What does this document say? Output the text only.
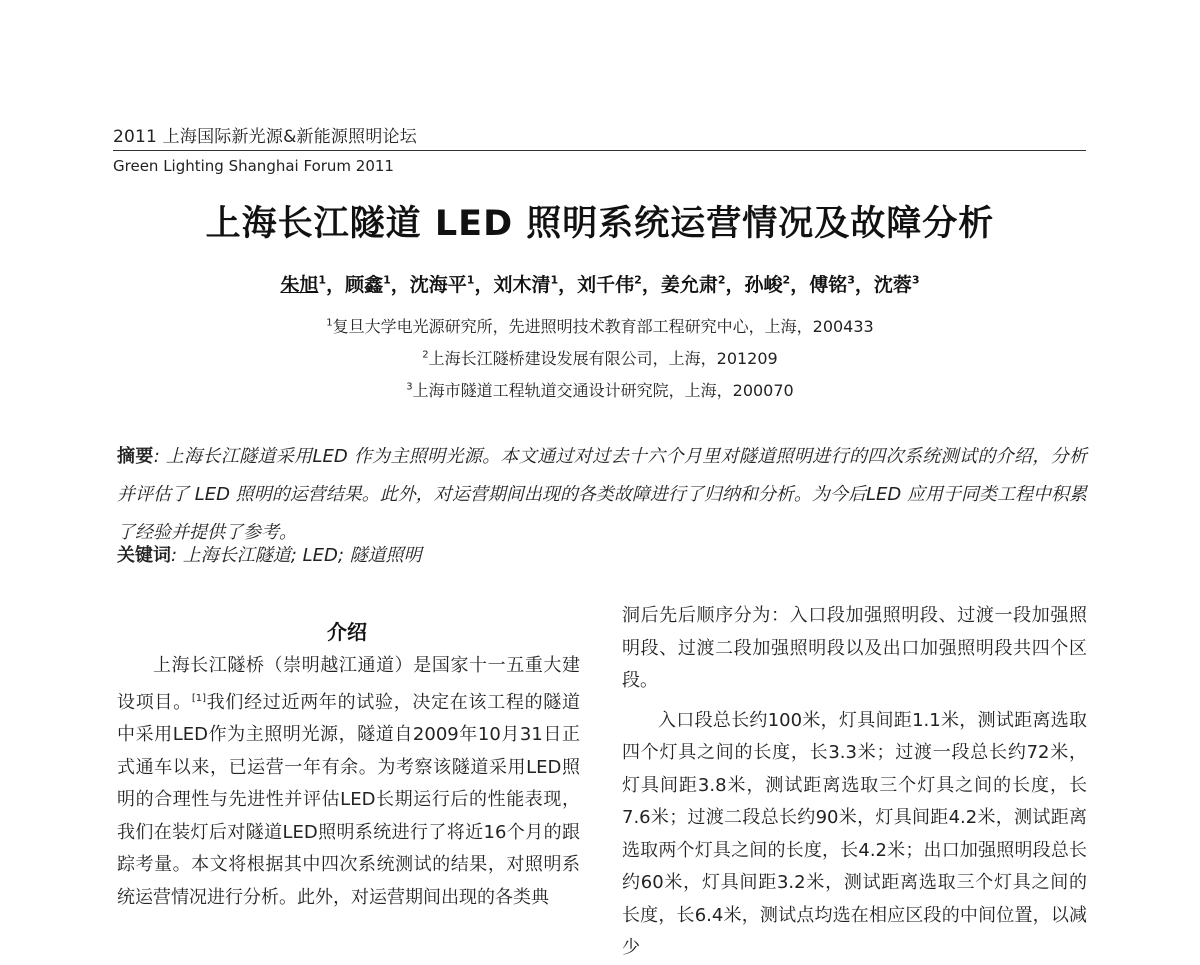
2011 上海国际新光源&新能源照明论坛
Green Lighting Shanghai Forum 2011
上海长江隧道 LED 照明系统运营情况及故障分析
朱旭$^1$，顾鑫$^1$，沈海平$^1$，刘木清$^1$，刘千伟$^2$，姜允肃$^2$，孙峻$^2$，傅铭$^3$，沈蓉$^3$
$^1$复旦大学电光源研究所，先进照明技术教育部工程研究中心，上海，200433
$^2$上海长江隧桥建设发展有限公司，上海，201209
$^3$上海市隧道工程轨道交通设计研究院，上海，200070
摘要: 上海长江隧道采用LED 作为主照明光源。本文通过对过去十六个月里对隧道照明进行的四次系统测试的介绍，分析并评估了 LED 照明的运营结果。此外，对运营期间出现的各类故障进行了归纳和分析。为今后LED 应用于同类工程中积累了经验并提供了参考。
关键词: 上海长江隧道; LED; 隧道照明
介绍

上海长江隧桥（崇明越江通道）是国家十一五重大建设项目。[1]我们经过近两年的试验，决定在该工程的隧道中采用LED作为主照明光源，隧道自2009年10月31日正式通车以来，已运营一年有余。为考察该隧道采用LED照明的合理性与先进性并评估LED长期运行后的性能表现，我们在装灯后对隧道LED照明系统进行了将近16个月的跟踪考量。本文将根据其中四次系统测试的结果，对照明系统运营情况进行分析。此外，对运营期间出现的各类典

洞后先后顺序分为：入口段加强照明段、过渡一段加强照明段、过渡二段加强照明段以及出口加强照明段共四个区段。

入口段总长约100米，灯具间距1.1米，测试距离选取四个灯具之间的长度，长3.3米；过渡一段总长约72米，灯具间距3.8米，测试距离选取三个灯具之间的长度，长7.6米；过渡二段总长约90米，灯具间距4.2米，测试距离选取两个灯具之间的长度，长4.2米；出口加强照明段总长约60米，灯具间距3.2米，测试距离选取三个灯具之间的长度，长6.4米，测试点均选在相应区段的中间位置，以减少
